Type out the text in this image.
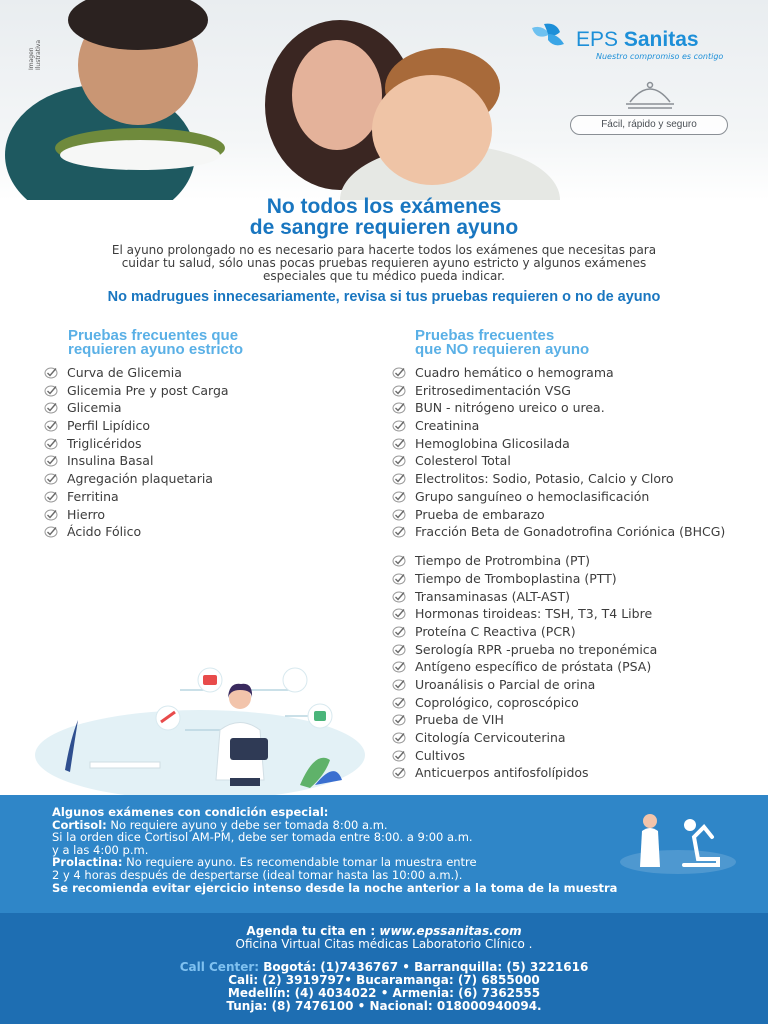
Imagen Ilustrativa
EPS Sanitas
Nuestro compromiso es contigo
Fácil, rápido y seguro
No todos los exámenes
de sangre requieren ayuno
El ayuno prolongado no es necesario para hacerte todos los exámenes que necesitas para cuidar tu salud, sólo unas pocas pruebas requieren ayuno estricto y algunos exámenes especiales que tu médico pueda indicar.
No madrugues innecesariamente, revisa si tus pruebas requieren o no de ayuno
Pruebas frecuentes que
requieren ayuno estricto
Pruebas frecuentes
que NO requieren ayuno
Curva de Glicemia
Glicemia Pre y post Carga
Glicemia
Perfil Lipídico
Triglicéridos
Insulina Basal
Agregación plaquetaria
Ferritina
Hierro
Ácido Fólico
Cuadro hemático o hemograma
Eritrosedimentación VSG
BUN - nitrógeno ureico o urea.
Creatinina
Hemoglobina Glicosilada
Colesterol Total
Electrolitos: Sodio, Potasio, Calcio y Cloro
Grupo sanguíneo o hemoclasificación
Prueba de embarazo
Fracción Beta de Gonadotrofina Coriónica (BHCG)
Tiempo de Protrombina (PT)
Tiempo de Tromboplastina (PTT)
Transaminasas (ALT-AST)
Hormonas tiroideas: TSH, T3, T4 Libre
Proteína C Reactiva (PCR)
Serología RPR -prueba no treponémica
Antígeno específico de próstata (PSA)
Uroanálisis o Parcial de orina
Coprológico, coproscópico
Prueba de VIH
Citología Cervicouterina
Cultivos
Anticuerpos antifosfolípidos
Algunos exámenes con condición especial:
Cortisol: No requiere ayuno y debe ser tomada 8:00 a.m.
Si la orden dice Cortisol AM-PM, debe ser tomada entre 8:00. a 9:00 a.m.
y a las 4:00 p.m.
Prolactina: No requiere ayuno. Es recomendable tomar la muestra entre
2 y 4 horas después de despertarse (ideal tomar hasta las 10:00 a.m.).
Se recomienda evitar ejercicio intenso desde la noche anterior a la toma de la muestra
Agenda tu cita en : www.epssanitas.com
Oficina Virtual Citas médicas Laboratorio Clínico .
Call Center: Bogotá: (1)7436767 • Barranquilla: (5) 3221616
Cali: (2) 3919797• Bucaramanga: (7) 6855000
Medellín: (4) 4034022 • Armenia: (6) 7362555
Tunja: (8) 7476100 • Nacional: 018000940094.
